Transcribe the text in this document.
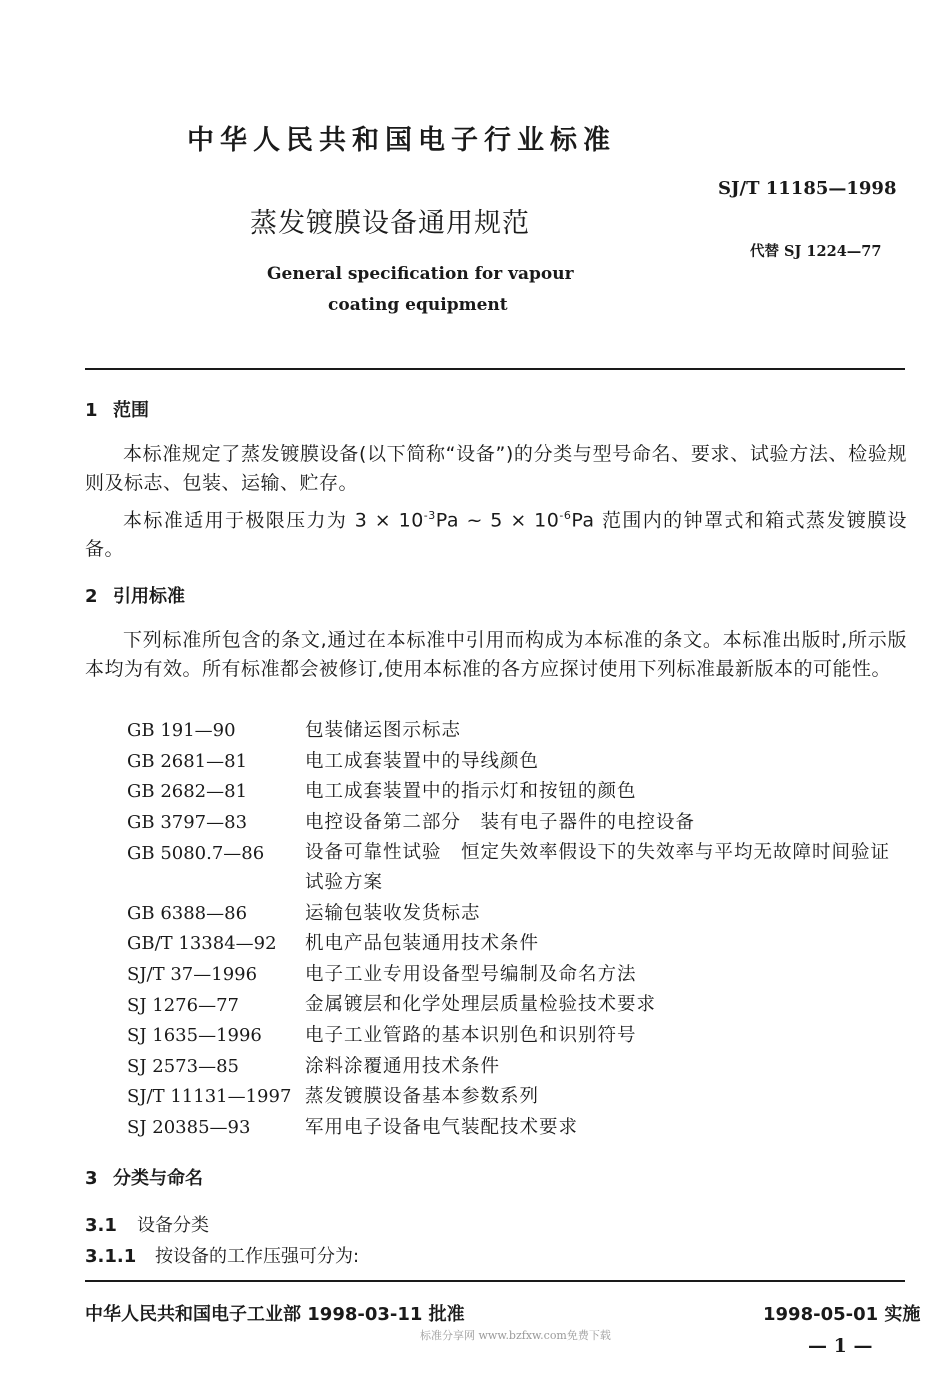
中华人民共和国电子行业标准
SJ/T 11185—1998
蒸发镀膜设备通用规范
代替 SJ 1224—77
General specification for vapour
coating equipment
1 范围
本标准规定了蒸发镀膜设备(以下简称“设备”)的分类与型号命名、要求、试验方法、检验规则及标志、包装、运输、贮存。
本标准适用于极限压力为 $3 \times 10^{-3}Pa$ ~ $5 \times 10^{-6}Pa$ 范围内的钟罩式和箱式蒸发镀膜设备。
2 引用标准
下列标准所包含的条文,通过在本标准中引用而构成为本标准的条文。本标准出版时,所示版本均为有效。所有标准都会被修订,使用本标准的各方应探讨使用下列标准最新版本的可能性。
GB 191—90	包装储运图示标志
GB 2681—81	电工成套装置中的导线颜色
GB 2682—81	电工成套装置中的指示灯和按钮的颜色
GB 3797—83	电控设备第二部分　装有电子器件的电控设备
GB 5080.7—86 设备可靠性试验　恒定失效率假设下的失效率与平均无故障时间验证试验方案
GB 6388—86	运输包装收发货标志
GB/T 13384—92 机电产品包装通用技术条件
SJ/T 37—1996	电子工业专用设备型号编制及命名方法
SJ 1276—77	金属镀层和化学处理层质量检验技术要求
SJ 1635—1996 电子工业管路的基本识别色和识别符号
SJ 2573—85	涂料涂覆通用技术条件
SJ/T 11131—1997 蒸发镀膜设备基本参数系列
SJ 20385—93	军用电子设备电气装配技术要求
3 分类与命名
3.1 设备分类
3.1.1 按设备的工作压强可分为:
中华人民共和国电子工业部 1998-03-11 批准	1998-05-01 实施
标准分享网 www.bzfxw.com免费下载	— 1 —
